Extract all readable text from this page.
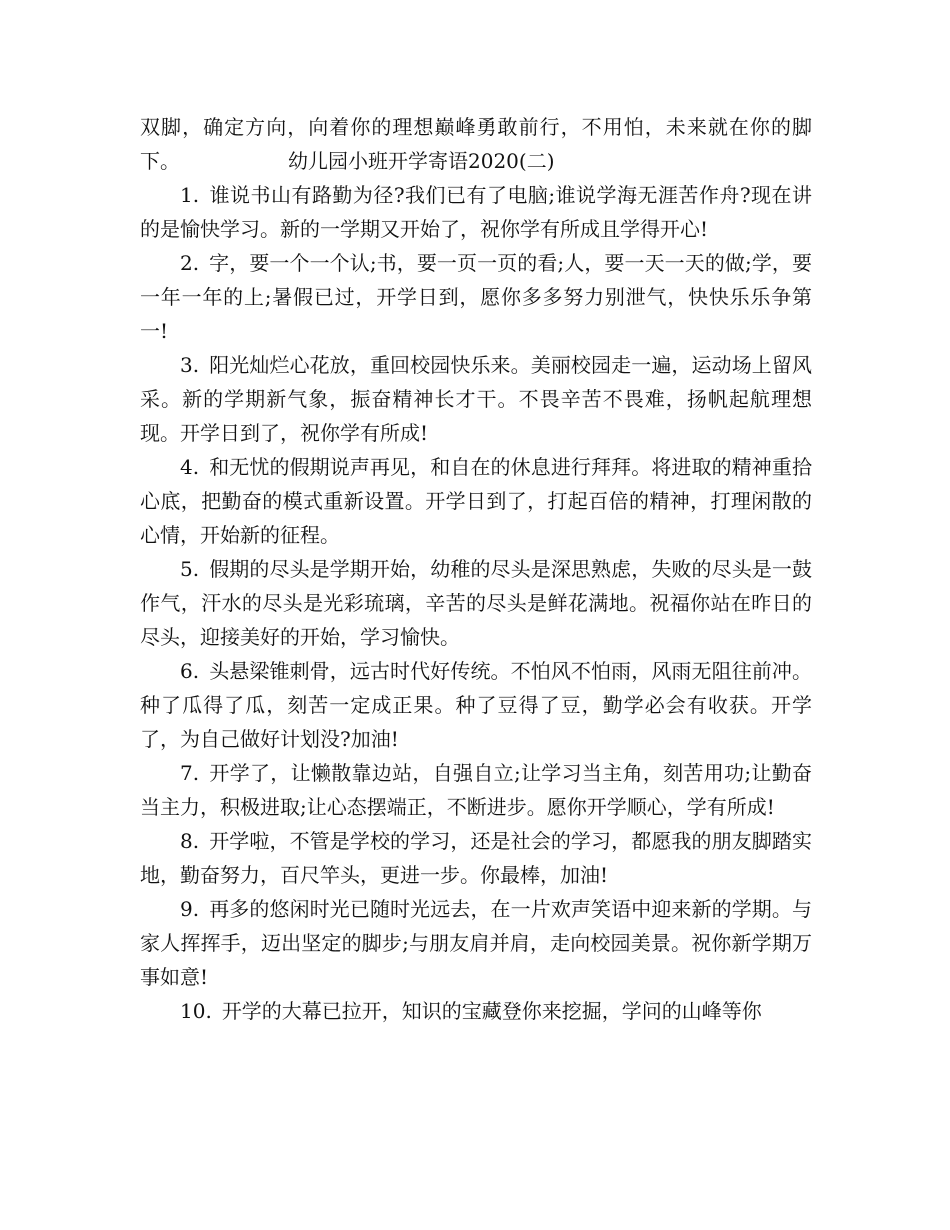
双脚，确定方向，向着你的理想巅峰勇敢前行，不用怕，未来就在你的脚下。	幼儿园小班开学寄语2020(二)

1. 谁说书山有路勤为径?我们已有了电脑;谁说学海无涯苦作舟?现在讲的是愉快学习。新的一学期又开始了，祝你学有所成且学得开心!

2. 字，要一个一个认;书，要一页一页的看;人，要一天一天的做;学，要一年一年的上;暑假已过，开学日到，愿你多多努力别泄气，快快乐乐争第一!

3. 阳光灿烂心花放，重回校园快乐来。美丽校园走一遍，运动场上留风采。新的学期新气象，振奋精神长才干。不畏辛苦不畏难，扬帆起航理想现。开学日到了，祝你学有所成!

4. 和无忧的假期说声再见，和自在的休息进行拜拜。将进取的精神重拾心底，把勤奋的模式重新设置。开学日到了，打起百倍的精神，打理闲散的心情，开始新的征程。

5. 假期的尽头是学期开始，幼稚的尽头是深思熟虑，失败的尽头是一鼓作气，汗水的尽头是光彩琉璃，辛苦的尽头是鲜花满地。祝福你站在昨日的尽头，迎接美好的开始，学习愉快。

6. 头悬梁锥刺骨，远古时代好传统。不怕风不怕雨，风雨无阻往前冲。种了瓜得了瓜，刻苦一定成正果。种了豆得了豆，勤学必会有收获。开学了，为自己做好计划没?加油!

7. 开学了，让懒散靠边站，自强自立;让学习当主角，刻苦用功;让勤奋当主力，积极进取;让心态摆端正，不断进步。愿你开学顺心，学有所成!

8. 开学啦，不管是学校的学习，还是社会的学习，都愿我的朋友脚踏实地，勤奋努力，百尺竿头，更进一步。你最棒，加油!

9. 再多的悠闲时光已随时光远去，在一片欢声笑语中迎来新的学期。与家人挥挥手，迈出坚定的脚步;与朋友肩并肩，走向校园美景。祝你新学期万事如意!

10. 开学的大幕已拉开，知识的宝藏登你来挖掘，学问的山峰等你
